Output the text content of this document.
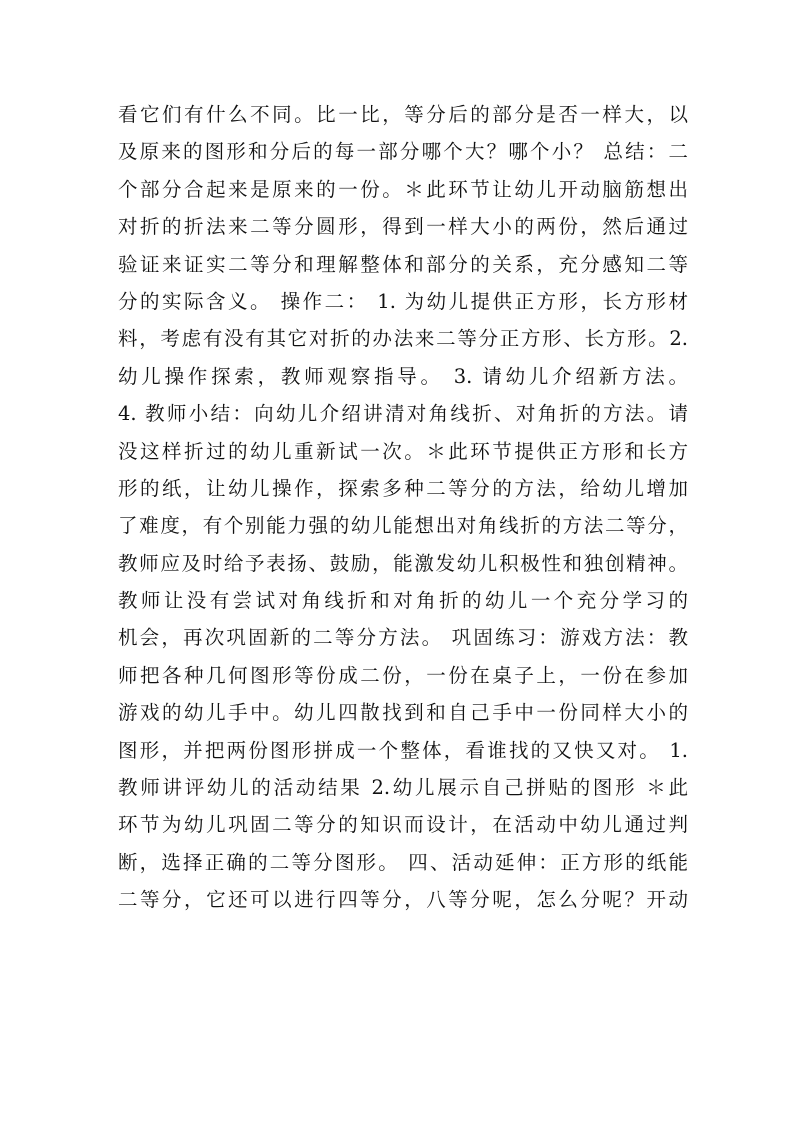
看它们有什么不同。比一比，等分后的部分是否一样大，以
及原来的图形和分后的每一部分哪个大？哪个小？ 总结：二
个部分合起来是原来的一份。＊此环节让幼儿开动脑筋想出
对折的折法来二等分圆形，得到一样大小的两份，然后通过
验证来证实二等分和理解整体和部分的关系，充分感知二等
分的实际含义。 操作二： 1. 为幼儿提供正方形，长方形材
料，考虑有没有其它对折的办法来二等分正方形、长方形。2.
幼儿操作探索，教师观察指导。 3. 请幼儿介绍新方法。
4. 教师小结：向幼儿介绍讲清对角线折、对角折的方法。请
没这样折过的幼儿重新试一次。＊此环节提供正方形和长方
形的纸，让幼儿操作，探索多种二等分的方法，给幼儿增加
了难度，有个别能力强的幼儿能想出对角线折的方法二等分，
教师应及时给予表扬、鼓励，能激发幼儿积极性和独创精神。
教师让没有尝试对角线折和对角折的幼儿一个充分学习的
机会，再次巩固新的二等分方法。 巩固练习：游戏方法：教
师把各种几何图形等份成二份，一份在桌子上，一份在参加
游戏的幼儿手中。幼儿四散找到和自己手中一份同样大小的
图形，并把两份图形拼成一个整体，看谁找的又快又对。 1.
教师讲评幼儿的活动结果 2.幼儿展示自己拼贴的图形 ＊此
环节为幼儿巩固二等分的知识而设计，在活动中幼儿通过判
断，选择正确的二等分图形。 四、活动延伸：正方形的纸能
二等分，它还可以进行四等分，八等分呢，怎么分呢？开动
